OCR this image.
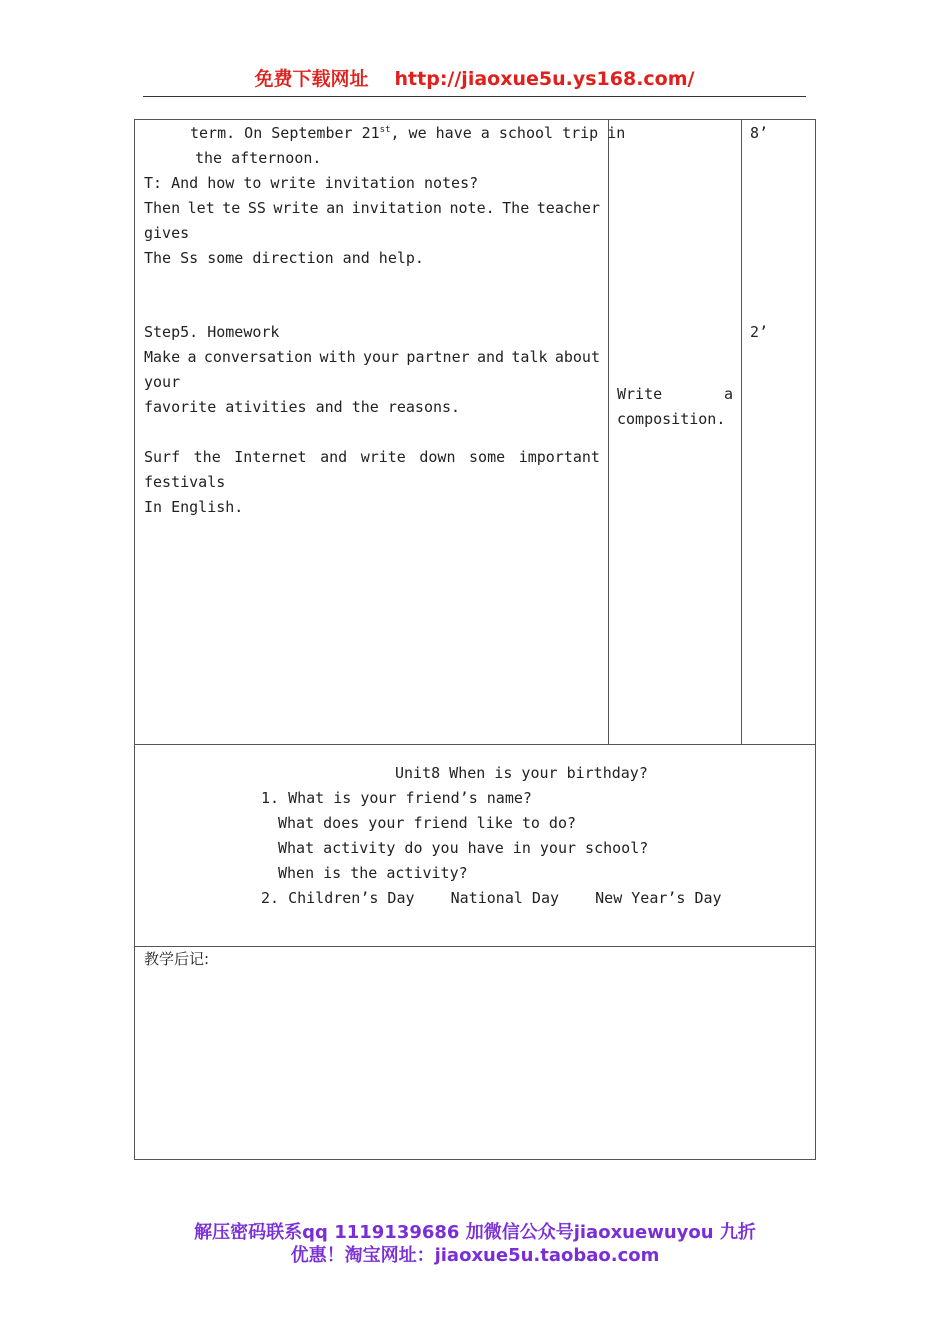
免费下载网址 http://jiaoxue5u.ys168.com/
term. On September 21st, we have a school trip in
the afternoon.
T: And how to write invitation notes?
Then let te SS write an invitation note. The teacher
gives
The Ss some direction and help.
Step5. Homework
Make a conversation with your partner and talk about
your
favorite ativities and the reasons.
Surf the Internet and write down some important
festivals
In English.
Write	a
composition.
8’
2’
Unit8 When is your birthday?
1. What is your friend’s name?
What does your friend like to do?
What activity do you have in your school?
When is the activity?
2. Children’s Day    National Day    New Year’s Day
教学后记:
解压密码联系qq 1119139686 加微信公众号jiaoxuewuyou 九折
优惠！淘宝网址：jiaoxue5u.taobao.com
